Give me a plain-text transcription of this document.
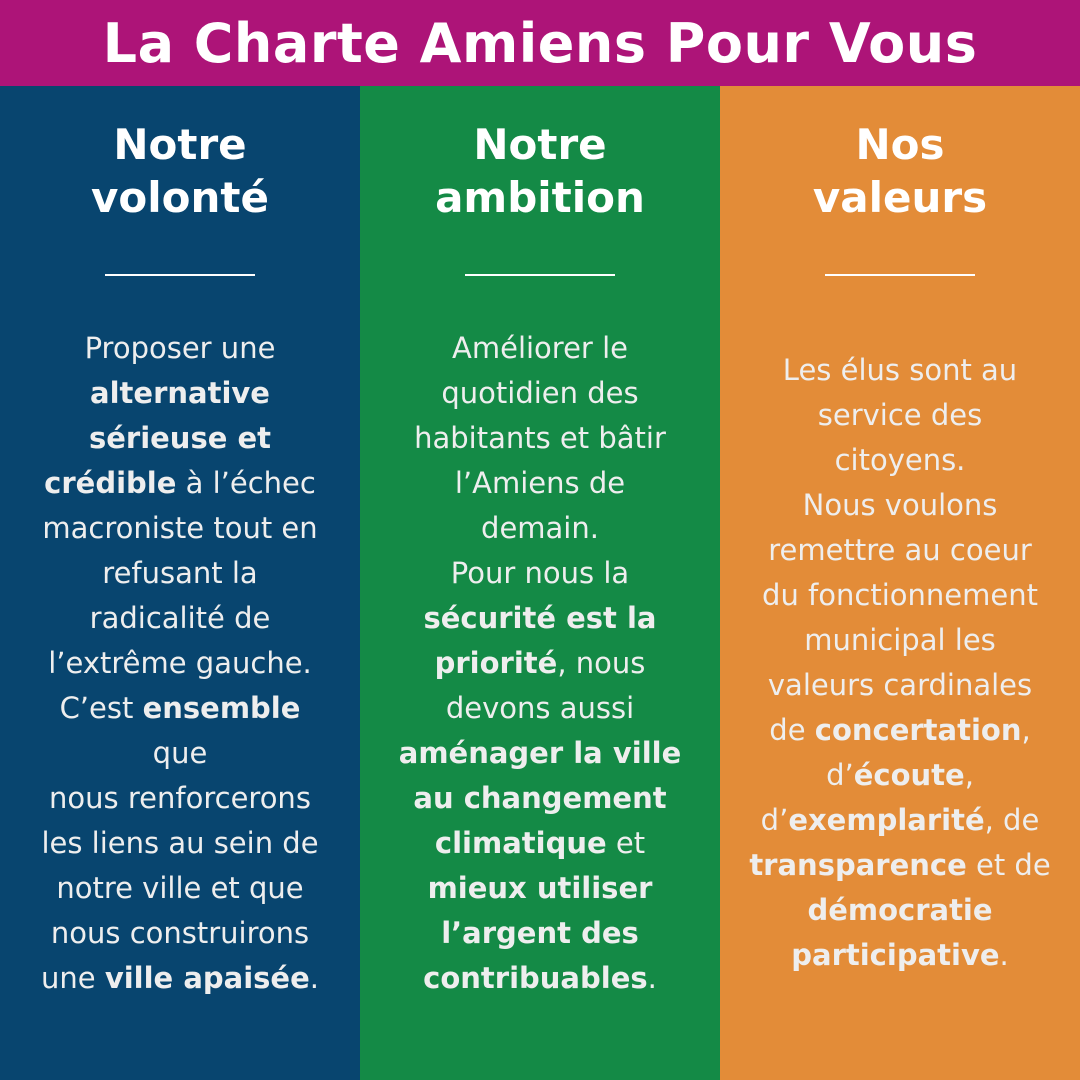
La Charte Amiens Pour Vous
Notre
volonté
Proposer une
alternative
sérieuse et
crédible à l’échec
macroniste tout en
refusant la
radicalité de
l’extrême gauche.
C’est ensemble
que
nous renforcerons
les liens au sein de
notre ville et que
nous construirons
une ville apaisée.
Notre
ambition
Améliorer le
quotidien des
habitants et bâtir
l’Amiens de
demain.
Pour nous la
sécurité est la
priorité, nous
devons aussi
aménager la ville
au changement
climatique et
mieux utiliser
l’argent des
contribuables.
Nos
valeurs
Les élus sont au
service des
citoyens.
Nous voulons
remettre au coeur
du fonctionnement
municipal les
valeurs cardinales
de concertation,
d’écoute,
d’exemplarité, de
transparence et de
démocratie
participative.
